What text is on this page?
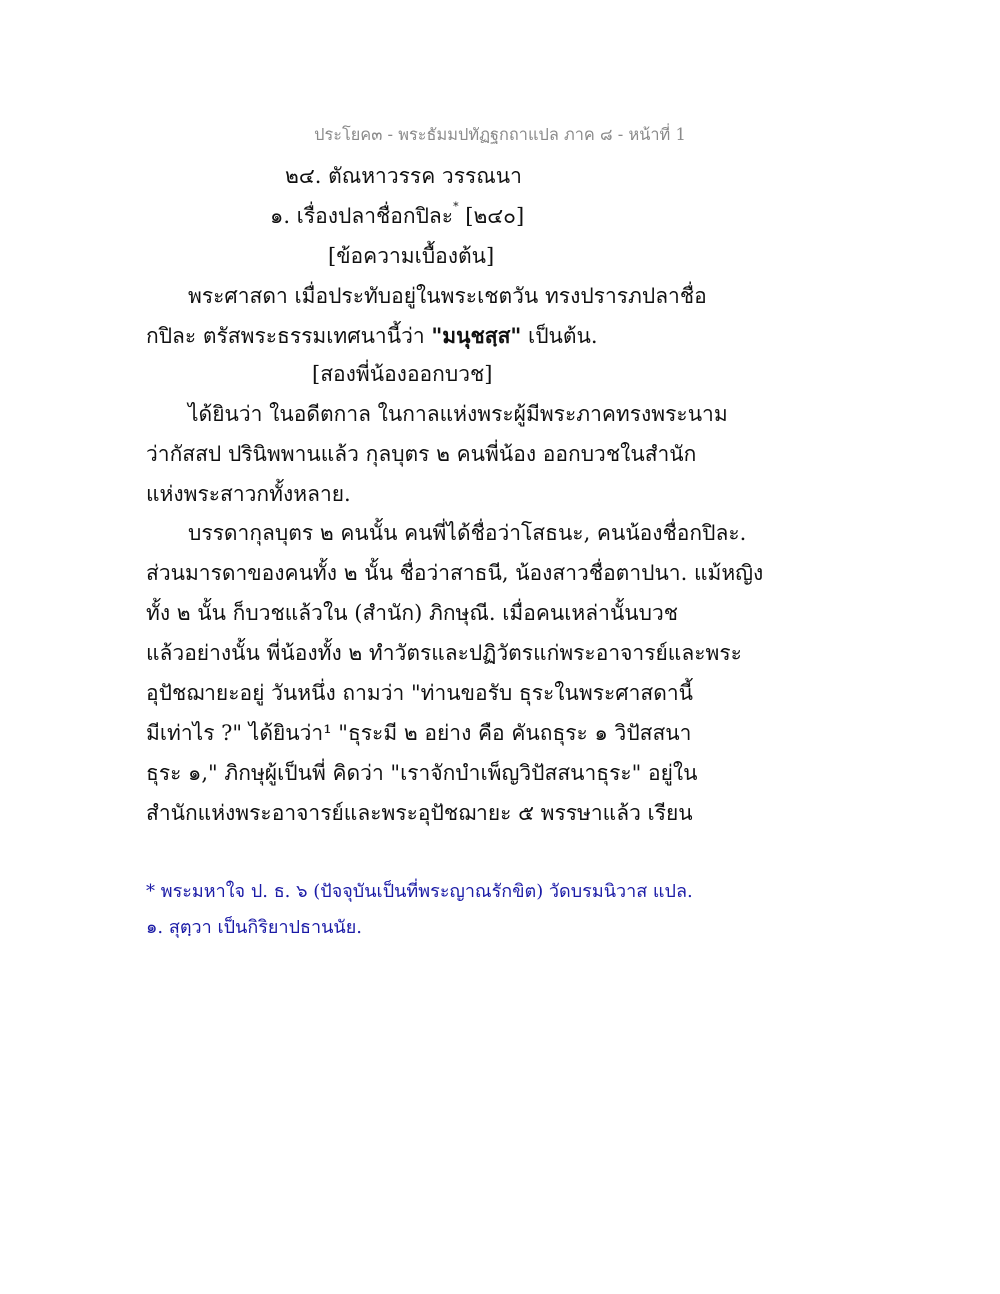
ประโยค๓ - พระธัมมปทัฏฐกถาแปล ภาค ๘ - หน้าที่ 1
๒๔. ตัณหาวรรค วรรณนา
๑. เรื่องปลาชื่อกปิละ* [๒๔๐]
[ข้อความเบื้องต้น]
พระศาสดา เมื่อประทับอยู่ในพระเชตวัน ทรงปรารภปลาชื่อ
กปิละ ตรัสพระธรรมเทศนานี้ว่า "มนุชสฺส" เป็นต้น.
[สองพี่น้องออกบวช]
ได้ยินว่า ในอดีตกาล ในกาลแห่งพระผู้มีพระภาคทรงพระนาม
ว่ากัสสป ปรินิพพานแล้ว กุลบุตร ๒ คนพี่น้อง ออกบวชในสำนัก
แห่งพระสาวกทั้งหลาย.
บรรดากุลบุตร ๒ คนนั้น คนพี่ได้ชื่อว่าโสธนะ, คนน้องชื่อกปิละ.
ส่วนมารดาของคนทั้ง ๒ นั้น ชื่อว่าสาธนี, น้องสาวชื่อตาปนา. แม้หญิง
ทั้ง ๒ นั้น ก็บวชแล้วใน (สำนัก) ภิกษุณี. เมื่อคนเหล่านั้นบวช
แล้วอย่างนั้น พี่น้องทั้ง ๒ ทำวัตรและปฏิวัตรแก่พระอาจารย์และพระ
อุปัชฌายะอยู่ วันหนึ่ง ถามว่า "ท่านขอรับ ธุระในพระศาสดานี้
มีเท่าไร ?" ได้ยินว่า¹ "ธุระมี ๒ อย่าง คือ คันถธุระ ๑ วิปัสสนา
ธุระ ๑," ภิกษุผู้เป็นพี่ คิดว่า "เราจักบำเพ็ญวิปัสสนาธุระ" อยู่ใน
สำนักแห่งพระอาจารย์และพระอุปัชฌายะ ๕ พรรษาแล้ว เรียน
* พระมหาใจ ป. ธ. ๖ (ปัจจุบันเป็นที่พระญาณรักขิต) วัดบรมนิวาส แปล.
๑. สุตฺวา เป็นกิริยาปธานนัย.
